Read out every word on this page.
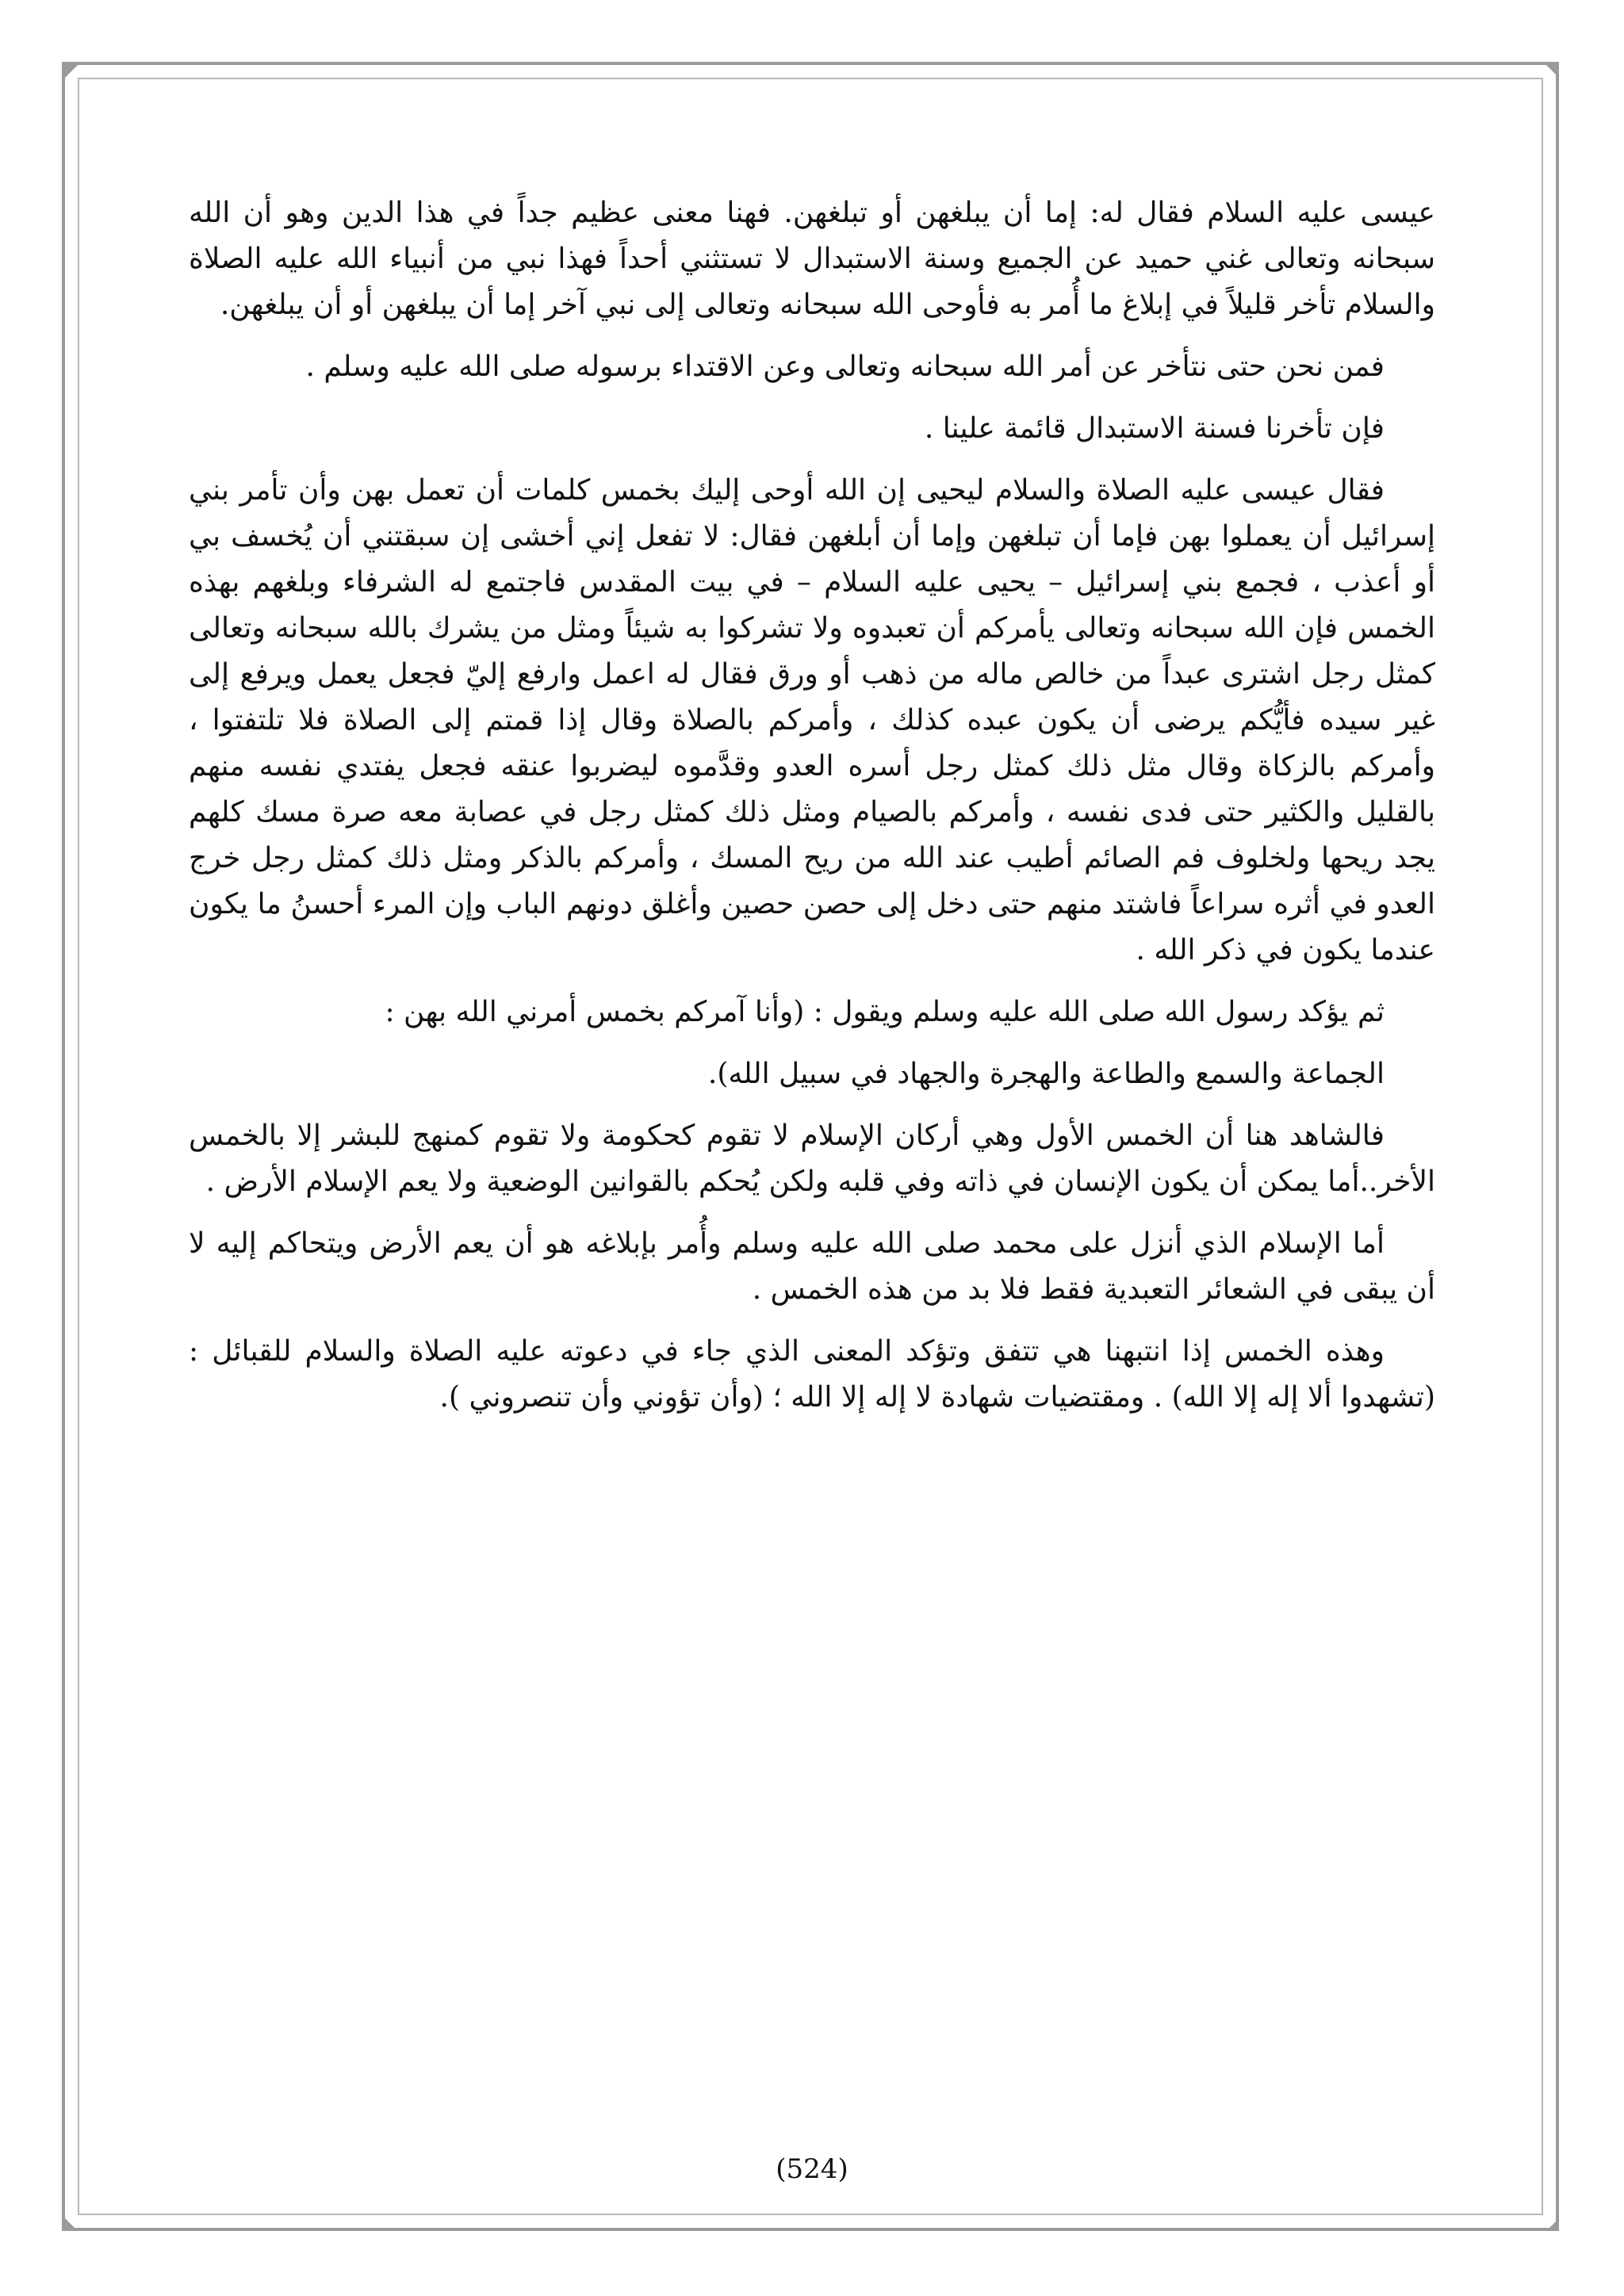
عيسى عليه السلام فقال له: إما أن يبلغهن أو تبلغهن. فهنا معنى عظيم جداً في هذا الدين وهو أن الله سبحانه وتعالى غني حميد عن الجميع وسنة الاستبدال لا تستثني أحداً فهذا نبي من أنبياء الله عليه الصلاة والسلام تأخر قليلاً في إبلاغ ما أُمر به فأوحى الله سبحانه وتعالى إلى نبي آخر إما أن يبلغهن أو أن يبلغهن.

فمن نحن حتى نتأخر عن أمر الله سبحانه وتعالى وعن الاقتداء برسوله صلى الله عليه وسلم .

فإن تأخرنا فسنة الاستبدال قائمة علينا .

فقال عيسى عليه الصلاة والسلام ليحيى إن الله أوحى إليك بخمس كلمات أن تعمل بهن وأن تأمر بني إسرائيل أن يعملوا بهن فإما أن تبلغهن وإما أن أبلغهن فقال: لا تفعل إني أخشى إن سبقتني أن يُخسف بي أو أعذب ، فجمع بني إسرائيل – يحيى عليه السلام – في بيت المقدس فاجتمع له الشرفاء وبلغهم بهذه الخمس فإن الله سبحانه وتعالى يأمركم أن تعبدوه ولا تشركوا به شيئاً ومثل من يشرك بالله سبحانه وتعالى كمثل رجل اشترى عبداً من خالص ماله من ذهب أو ورق فقال له اعمل وارفع إليّ فجعل يعمل ويرفع إلى غير سيده فأيُّكم يرضى أن يكون عبده كذلك ، وأمركم بالصلاة وقال إذا قمتم إلى الصلاة فلا تلتفتوا ، وأمركم بالزكاة وقال مثل ذلك كمثل رجل أسره العدو وقدَّموه ليضربوا عنقه فجعل يفتدي نفسه منهم بالقليل والكثير حتى فدى نفسه ، وأمركم بالصيام ومثل ذلك كمثل رجل في عصابة معه صرة مسك كلهم يجد ريحها ولخلوف فم الصائم أطيب عند الله من ريح المسك ، وأمركم بالذكر ومثل ذلك كمثل رجل خرج العدو في أثره سراعاً فاشتد منهم حتى دخل إلى حصن حصين وأغلق دونهم الباب وإن المرء أحسنُ ما يكون عندما يكون في ذكر الله .

ثم يؤكد رسول الله صلى الله عليه وسلم ويقول : (وأنا آمركم بخمس أمرني الله بهن :

الجماعة والسمع والطاعة والهجرة والجهاد في سبيل الله).

فالشاهد هنا أن الخمس الأول وهي أركان الإسلام لا تقوم كحكومة ولا تقوم كمنهج للبشر إلا بالخمس الأخر..أما يمكن أن يكون الإنسان في ذاته وفي قلبه ولكن يُحكم بالقوانين الوضعية ولا يعم الإسلام الأرض .

أما الإسلام الذي أنزل على محمد صلى الله عليه وسلم وأُمر بإبلاغه هو أن يعم الأرض ويتحاكم إليه لا أن يبقى في الشعائر التعبدية فقط فلا بد من هذه الخمس .

وهذه الخمس إذا انتبهنا هي تتفق وتؤكد المعنى الذي جاء في دعوته عليه الصلاة والسلام للقبائل : (تشهدوا ألا إله إلا الله) . ومقتضيات شهادة لا إله إلا الله ؛ (وأن تؤوني وأن تنصروني ).

(524)
